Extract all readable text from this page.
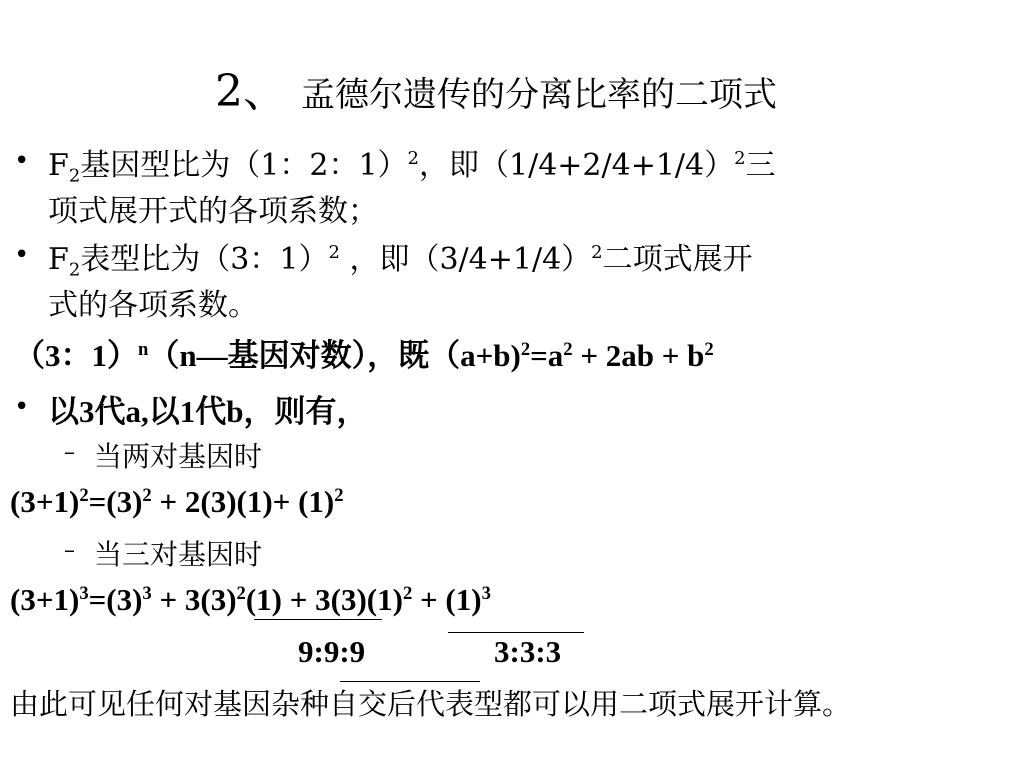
2、 孟德尔遗传的分离比率的二项式
• $F_2$基因型比为（1：2：1）$^2$，即$(1/4+2/4+1/4)^2$三
项式展开式的各项系数；
• $F_2$表型比为（3：1）$^2$ ，即$(3/4+1/4)^2$二项式展开
式的各项系数。
（3：1）$^n$（n—基因对数），既$(a+b)^2=a^2 + 2ab + b^2$
• 以3代a,以1代b，则有，
– 当两对基因时
$(3+1)^2=(3)^2 + 2(3)(1)+ (1)^2$
– 当三对基因时
$(3+1)^3=(3)^3 + 3(3)^2(1) + 3(3)(1)^2 + (1)^3$
9:9:9	3:3:3
由此可见任何对基因杂种自交后代表型都可以用二项式展开计算。
